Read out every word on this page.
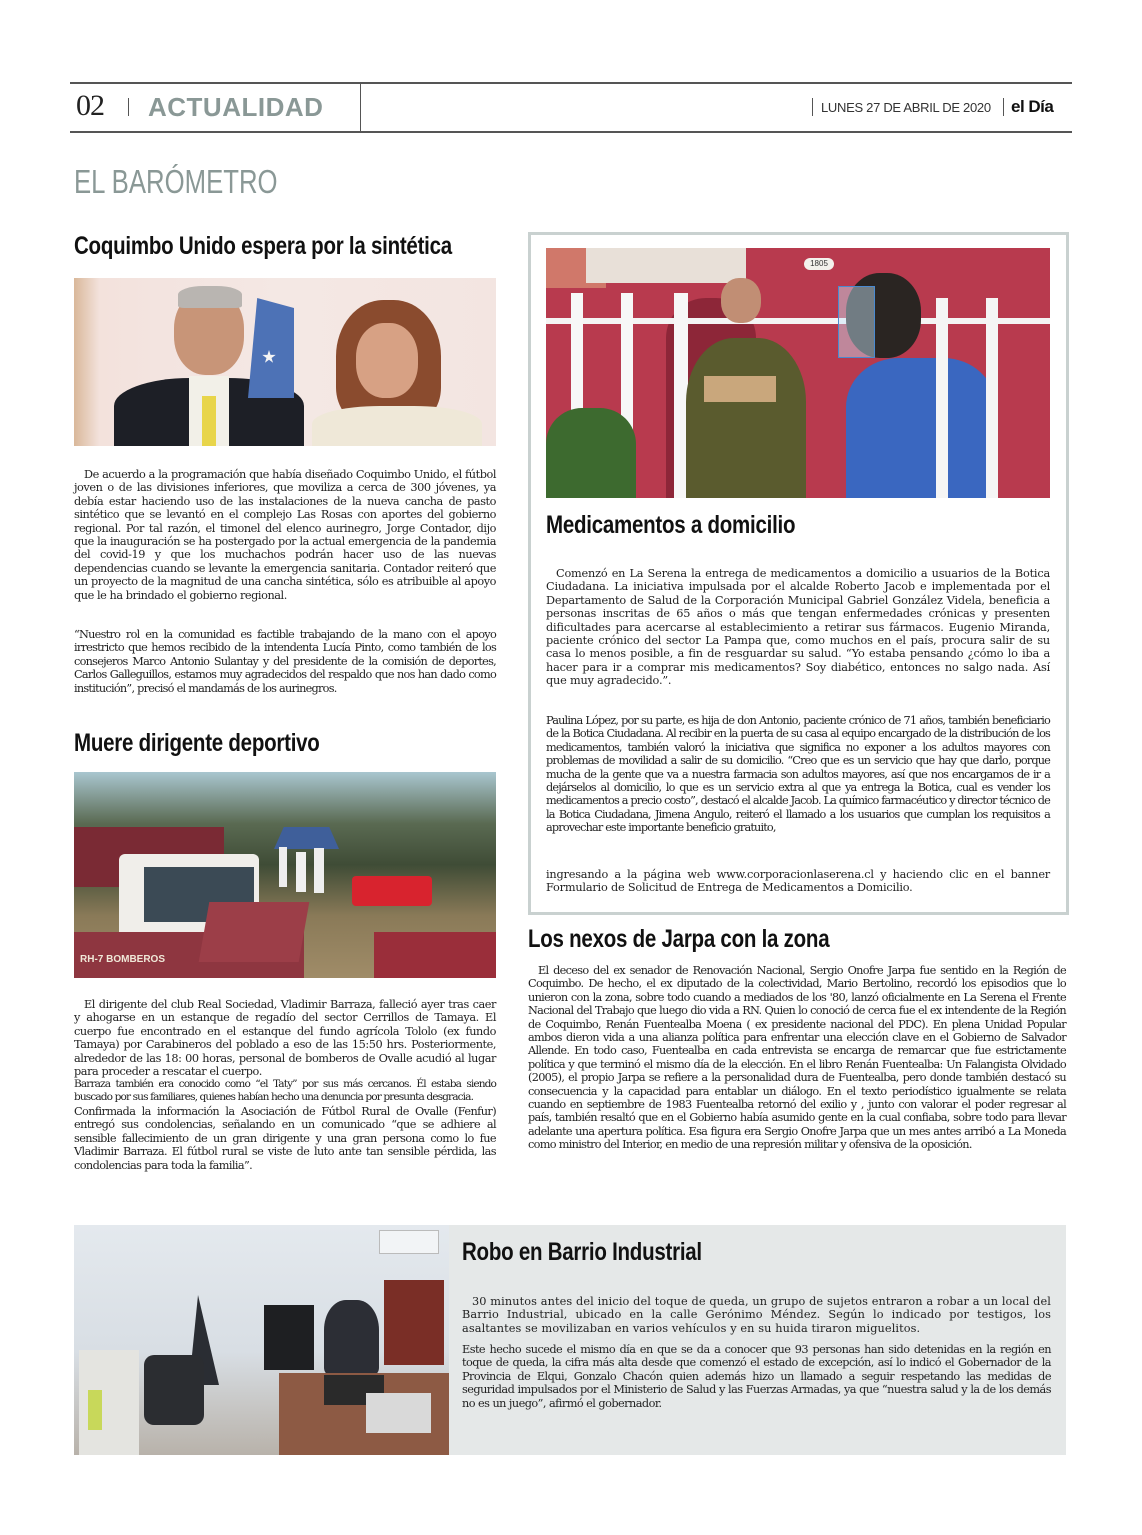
02 ACTUALIDAD	LUNES 27 DE ABRIL DE 2020 el Día
EL BARÓMETRO
Coquimbo Unido espera por la sintética
De acuerdo a la programación que había diseñado Coquimbo Unido, el fútbol joven o de las divisiones inferiores, que moviliza a cerca de 300 jóvenes, ya debía estar haciendo uso de las instalaciones de la nueva cancha de pasto sintético que se levantó en el complejo Las Rosas con aportes del gobierno regional. Por tal razón, el timonel del elenco aurinegro, Jorge Contador, dijo que la inauguración se ha postergado por la actual emergencia de la pandemia del covid-19 y que los muchachos podrán hacer uso de las nuevas dependencias cuando se levante la emergencia sanitaria. Contador reiteró que un proyecto de la magnitud de una cancha sintética, sólo es atribuible al apoyo que le ha brindado el gobierno regional.
“Nuestro rol en la comunidad es factible trabajando de la mano con el apoyo irrestricto que hemos recibido de la intendenta Lucía Pinto, como también de los consejeros Marco Antonio Sulantay y del presidente de la comisión de deportes, Carlos Galleguillos, estamos muy agradecidos del respaldo que nos han dado como institución”, precisó el mandamás de los aurinegros.
Muere dirigente deportivo
RH-7 BOMBEROS
El dirigente del club Real Sociedad, Vladimir Barraza, falleció ayer tras caer y ahogarse en un estanque de regadío del sector Cerrillos de Tamaya. El cuerpo fue encontrado en el estanque del fundo agrícola Tololo (ex fundo Tamaya) por Carabineros del poblado a eso de las 15:50 hrs. Posteriormente, alrededor de las 18: 00 horas, personal de bomberos de Ovalle acudió al lugar para proceder a rescatar el cuerpo.
Barraza también era conocido como “el Taty” por sus más cercanos. Él estaba siendo buscado por sus familiares, quienes habían hecho una denuncia por presunta desgracia.
Confirmada la información la Asociación de Fútbol Rural de Ovalle (Fenfur) entregó sus condolencias, señalando en un comunicado “que se adhiere al sensible fallecimiento de un gran dirigente y una gran persona como lo fue Vladimir Barraza. El fútbol rural se viste de luto ante tan sensible pérdida, las condolencias para toda la familia”.
1805
Medicamentos a domicilio
Comenzó en La Serena la entrega de medicamentos a domicilio a usuarios de la Botica Ciudadana. La iniciativa impulsada por el alcalde Roberto Jacob e implementada por el Departamento de Salud de la Corporación Municipal Gabriel González Videla, beneficia a personas inscritas de 65 años o más que tengan enfermedades crónicas y presenten dificultades para acercarse al establecimiento a retirar sus fármacos. Eugenio Miranda, paciente crónico del sector La Pampa que, como muchos en el país, procura salir de su casa lo menos posible, a fin de resguardar su salud. “Yo estaba pensando ¿cómo lo iba a hacer para ir a comprar mis medicamentos? Soy diabético, entonces no salgo nada. Así que muy agradecido.”.
Paulina López, por su parte, es hija de don Antonio, paciente crónico de 71 años, también beneficiario de la Botica Ciudadana. Al recibir en la puerta de su casa al equipo encargado de la distribución de los medicamentos, también valoró la iniciativa que significa no exponer a los adultos mayores con problemas de movilidad a salir de su domicilio. “Creo que es un servicio que hay que darlo, porque mucha de la gente que va a nuestra farmacia son adultos mayores, así que nos encargamos de ir a dejárselos al domicilio, lo que es un servicio extra al que ya entrega la Botica, cual es vender los medicamentos a precio costo”, destacó el alcalde Jacob. La químico farmacéutico y director técnico de la Botica Ciudadana, Jimena Angulo, reiteró el llamado a los usuarios que cumplan los requisitos a aprovechar este importante beneficio gratuito,
ingresando a la página web www.corporacionlaserena.cl y haciendo clic en el banner Formulario de Solicitud de Entrega de Medicamentos a Domicilio.
Los nexos de Jarpa con la zona
El deceso del ex senador de Renovación Nacional, Sergio Onofre Jarpa fue sentido en la Región de Coquimbo. De hecho, el ex diputado de la colectividad, Mario Bertolino, recordó los episodios que lo unieron con la zona, sobre todo cuando a mediados de los '80, lanzó oficialmente en La Serena el Frente Nacional del Trabajo que luego dio vida a RN. Quien lo conoció de cerca fue el ex intendente de la Región de Coquimbo, Renán Fuentealba Moena ( ex presidente nacional del PDC). En plena Unidad Popular ambos dieron vida a una alianza política para enfrentar una elección clave en el Gobierno de Salvador Allende. En todo caso, Fuentealba en cada entrevista se encarga de remarcar que fue estrictamente política y que terminó el mismo día de la elección. En el libro Renán Fuentealba: Un Falangista Olvidado (2005), el propio Jarpa se refiere a la personalidad dura de Fuentealba, pero donde también destacó su consecuencia y la capacidad para entablar un diálogo. En el texto periodístico igualmente se relata cuando en septiembre de 1983 Fuentealba retornó del exilio y , junto con valorar el poder regresar al país, también resaltó que en el Gobierno había asumido gente en la cual confiaba, sobre todo para llevar adelante una apertura política. Esa figura era Sergio Onofre Jarpa que un mes antes arribó a La Moneda como ministro del Interior, en medio de una represión militar y ofensiva de la oposición.
Robo en Barrio Industrial
30 minutos antes del inicio del toque de queda, un grupo de sujetos entraron a robar a un local del Barrio Industrial, ubicado en la calle Gerónimo Méndez. Según lo indicado por testigos, los asaltantes se movilizaban en varios vehículos y en su huida tiraron miguelitos.
Este hecho sucede el mismo día en que se da a conocer que 93 personas han sido detenidas en la región en toque de queda, la cifra más alta desde que comenzó el estado de excepción, así lo indicó el Gobernador de la Provincia de Elqui, Gonzalo Chacón quien además hizo un llamado a seguir respetando las medidas de seguridad impulsados por el Ministerio de Salud y las Fuerzas Armadas, ya que “nuestra salud y la de los demás no es un juego”, afirmó el gobernador.
